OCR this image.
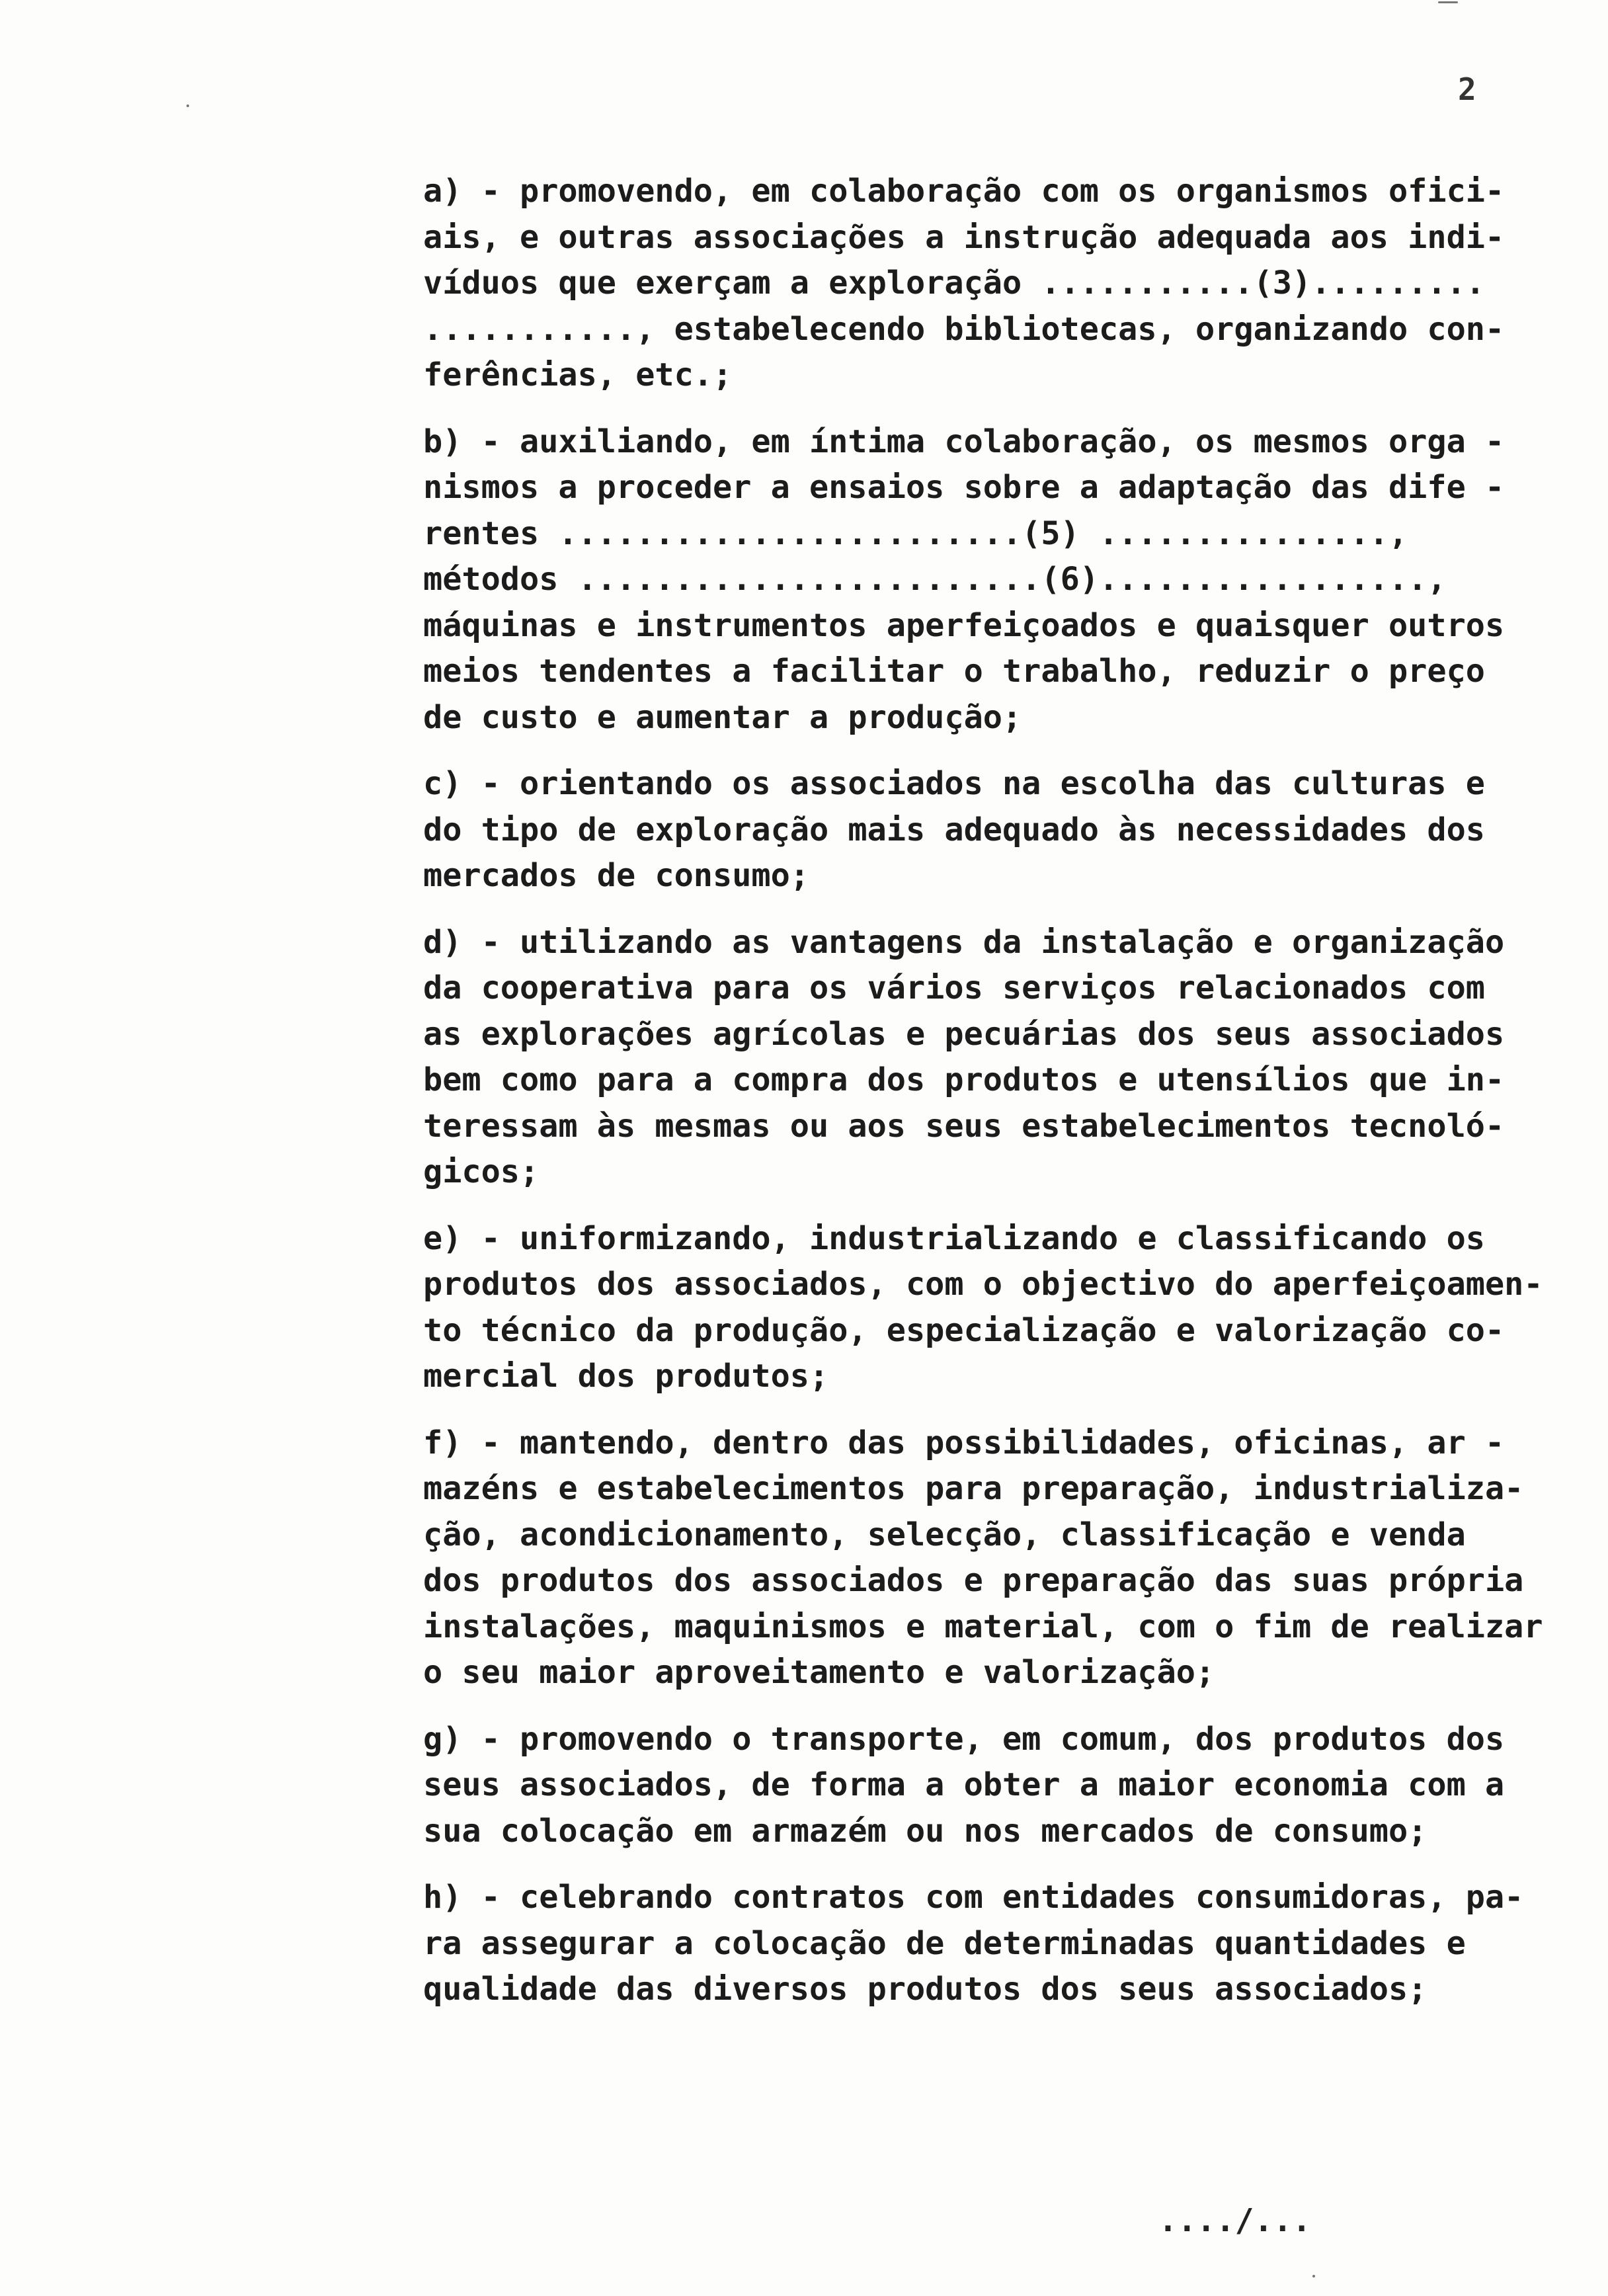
2
a) - promovendo, em colaboração com os organismos ofici-
ais, e outras associações a instrução adequada aos indi-
víduos que exerçam a exploração ...........(3).........
..........., estabelecendo bibliotecas, organizando con-
ferências, etc.;
b) - auxiliando, em íntima colaboração, os mesmos orga -
nismos a proceder a ensaios sobre a adaptação das dife -
rentes ........................(5) ...............,
métodos ........................(6).................,
máquinas e instrumentos aperfeiçoados e quaisquer outros
meios tendentes a facilitar o trabalho, reduzir o preço
de custo e aumentar a produção;
c) - orientando os associados na escolha das culturas e
do tipo de exploração mais adequado às necessidades dos
mercados de consumo;
d) - utilizando as vantagens da instalação e organização
da cooperativa para os vários serviços relacionados com
as explorações agrícolas e pecuárias dos seus associados
bem como para a compra dos produtos e utensílios que in-
teressam às mesmas ou aos seus estabelecimentos tecnoló-
gicos;
e) - uniformizando, industrializando e classificando os
produtos dos associados, com o objectivo do aperfeiçoamen-
to técnico da produção, especialização e valorização co-
mercial dos produtos;
f) - mantendo, dentro das possibilidades, oficinas, ar -
mazéns e estabelecimentos para preparação, industrializa-
ção, acondicionamento, selecção, classificação e venda
dos produtos dos associados e preparação das suas própria
instalações, maquinismos e material, com o fim de realizar
o seu maior aproveitamento e valorização;
g) - promovendo o transporte, em comum, dos produtos dos
seus associados, de forma a obter a maior economia com a
sua colocação em armazém ou nos mercados de consumo;
h) - celebrando contratos com entidades consumidoras, pa-
ra assegurar a colocação de determinadas quantidades e
qualidade das diversos produtos dos seus associados;
..../...
